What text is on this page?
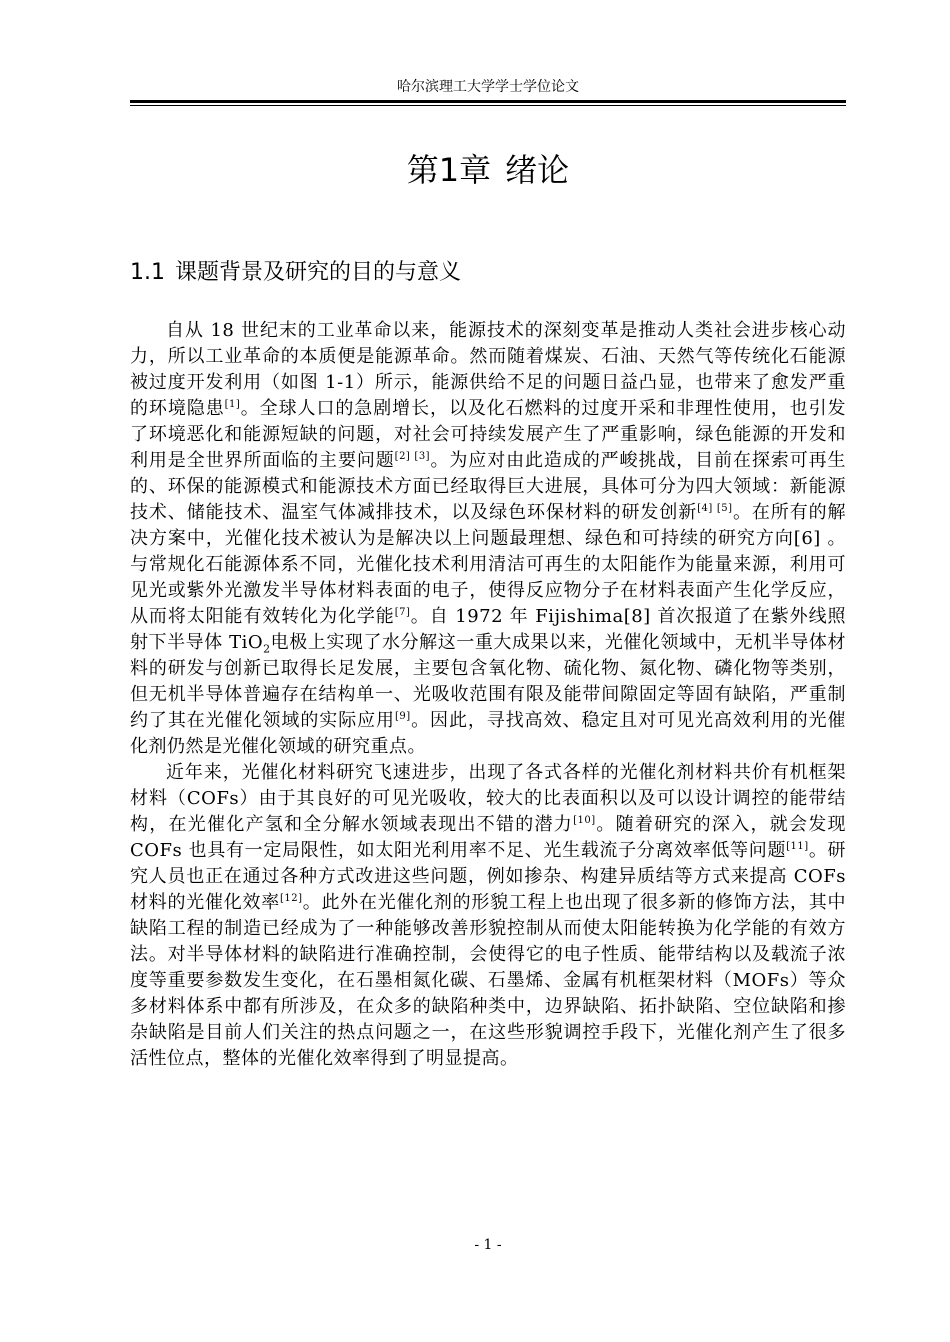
哈尔滨理工大学学士学位论文
第1章 绪论
1.1 课题背景及研究的目的与意义

自从 18 世纪末的工业革命以来，能源技术的深刻变革是推动人类社会进步核心动力，所以工业革命的本质便是能源革命。然而随着煤炭、石油、天然气等传统化石能源被过度开发利用（如图 1-1）所示，能源供给不足的问题日益凸显，也带来了愈发严重的环境隐患[1]。全球人口的急剧增长，以及化石燃料的过度开采和非理性使用，也引发了环境恶化和能源短缺的问题，对社会可持续发展产生了严重影响，绿色能源的开发和利用是全世界所面临的主要问题[2] [3]。为应对由此造成的严峻挑战，目前在探索可再生的、环保的能源模式和能源技术方面已经取得巨大进展，具体可分为四大领域：新能源技术、储能技术、温室气体减排技术，以及绿色环保材料的研发创新[4] [5]。在所有的解决方案中，光催化技术被认为是解决以上问题最理想、绿色和可持续的研究方向[6] 。与常规化石能源体系不同，光催化技术利用清洁可再生的太阳能作为能量来源，利用可见光或紫外光激发半导体材料表面的电子，使得反应物分子在材料表面产生化学反应，从而将太阳能有效转化为化学能[7]。自 1972 年 Fijishima[8] 首次报道了在紫外线照射下半导体 TiO$_2$电极上实现了水分解这一重大成果以来，光催化领域中，无机半导体材料的研发与创新已取得长足发展，主要包含氧化物、硫化物、氮化物、磷化物等类别，但无机半导体普遍存在结构单一、光吸收范围有限及能带间隙固定等固有缺陷，严重制约了其在光催化领域的实际应用[9]。因此，寻找高效、稳定且对可见光高效利用的光催化剂仍然是光催化领域的研究重点。

近年来，光催化材料研究飞速进步，出现了各式各样的光催化剂材料共价有机框架材料（COFs）由于其良好的可见光吸收，较大的比表面积以及可以设计调控的能带结构，在光催化产氢和全分解水领域表现出不错的潜力[10]。随着研究的深入，就会发现 COFs 也具有一定局限性，如太阳光利用率不足、光生载流子分离效率低等问题[11]。研究人员也正在通过各种方式改进这些问题，例如掺杂、构建异质结等方式来提高 COFs 材料的光催化效率[12]。此外在光催化剂的形貌工程上也出现了很多新的修饰方法，其中缺陷工程的制造已经成为了一种能够改善形貌控制从而使太阳能转换为化学能的有效方法。对半导体材料的缺陷进行准确控制，会使得它的电子性质、能带结构以及载流子浓度等重要参数发生变化，在石墨相氮化碳、石墨烯、金属有机框架材料（MOFs）等众多材料体系中都有所涉及，在众多的缺陷种类中，边界缺陷、拓扑缺陷、空位缺陷和掺杂缺陷是目前人们关注的热点问题之一，在这些形貌调控手段下，光催化剂产生了很多活性位点，整体的光催化效率得到了明显提高。

- 1 -
